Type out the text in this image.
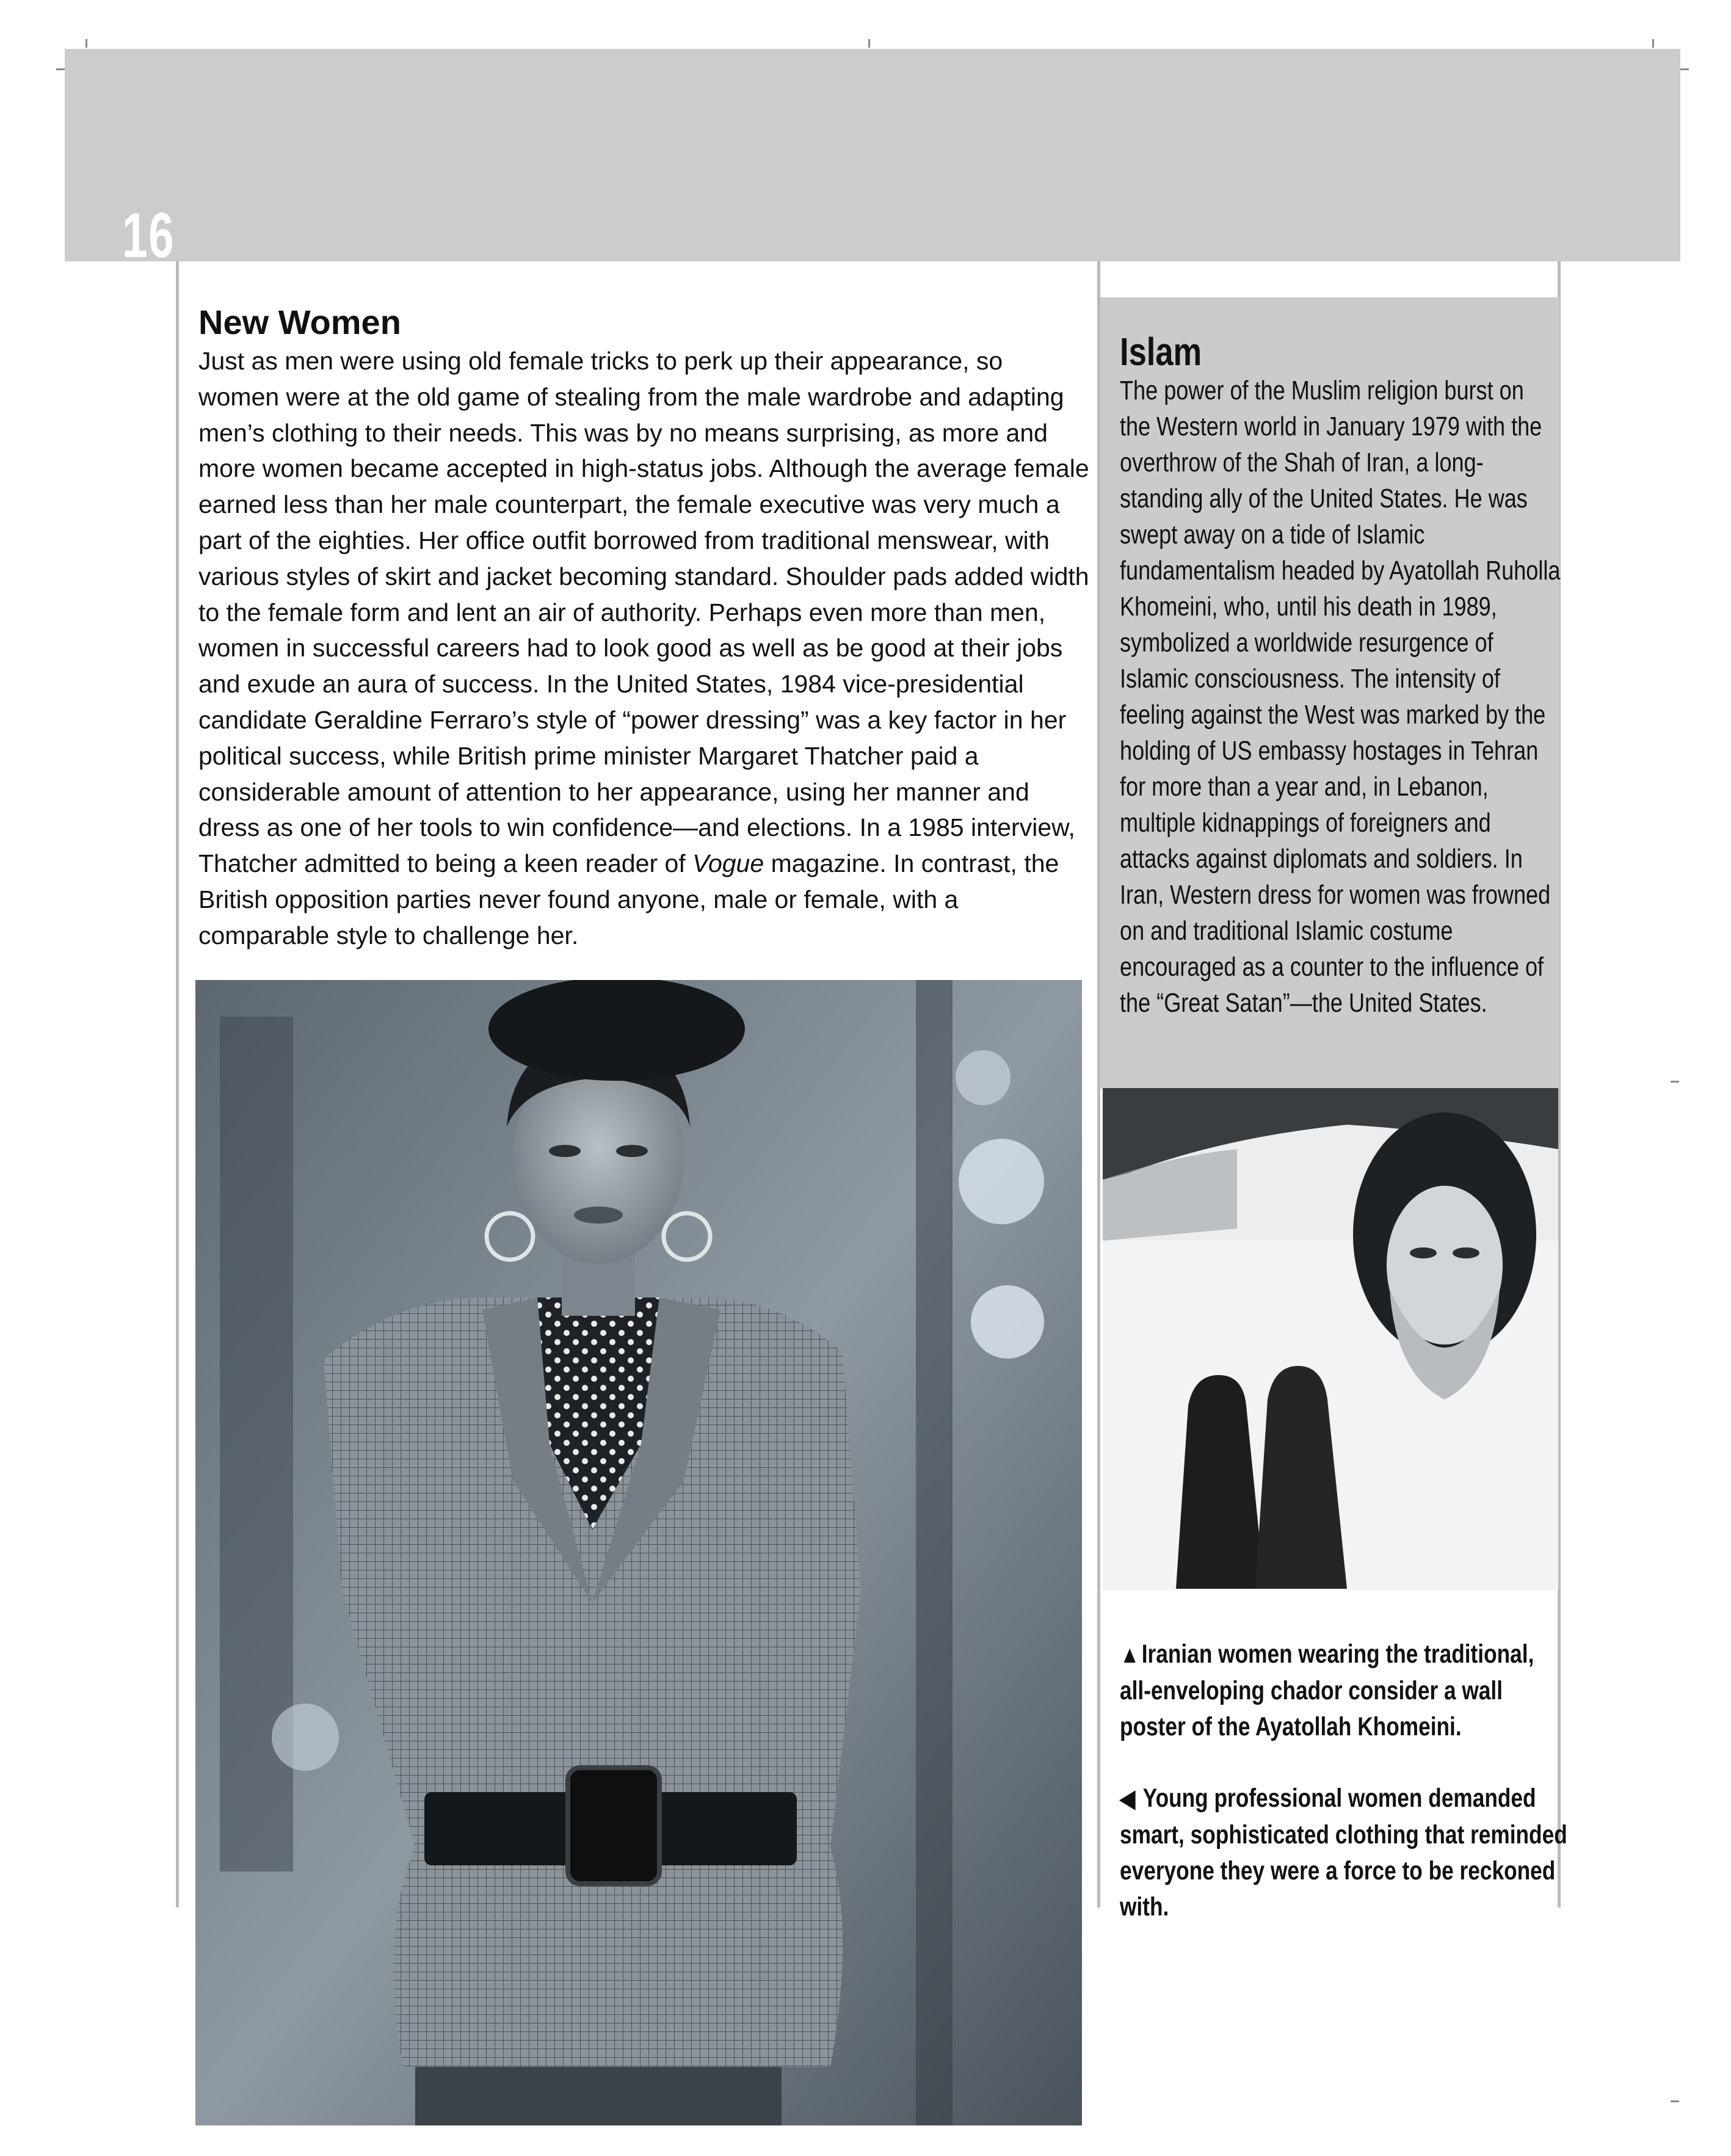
16
New Women

Just as men were using old female tricks to perk up their appearance, so women were at the old game of stealing from the male wardrobe and adapting men’s clothing to their needs. This was by no means surprising, as more and more women became accepted in high-status jobs. Although the average female earned less than her male counterpart, the female executive was very much a part of the eighties. Her office outfit borrowed from traditional menswear, with various styles of skirt and jacket becoming standard. Shoulder pads added width to the female form and lent an air of authority. Perhaps even more than men, women in successful careers had to look good as well as be good at their jobs and exude an aura of success. In the United States, 1984 vice-presidential candidate Geraldine Ferraro’s style of “power dressing” was a key factor in her political success, while British prime minister Margaret Thatcher paid a considerable amount of attention to her appearance, using her manner and dress as one of her tools to win confidence—and elections. In a 1985 interview, Thatcher admitted to being a keen reader of Vogue magazine. In contrast, the British opposition parties never found anyone, male or female, with a comparable style to challenge her.

Islam

The power of the Muslim religion burst on the Western world in January 1979 with the overthrow of the Shah of Iran, a long-standing ally of the United States. He was swept away on a tide of Islamic fundamentalism headed by Ayatollah Ruholla Khomeini, who, until his death in 1989, symbolized a worldwide resurgence of Islamic consciousness. The intensity of feeling against the West was marked by the holding of US embassy hostages in Tehran for more than a year and, in Lebanon, multiple kidnappings of foreigners and attacks against diplomats and soldiers. In Iran, Western dress for women was frowned on and traditional Islamic costume encouraged as a counter to the influence of the “Great Satan”—the United States.

▲Iranian women wearing the traditional, all-enveloping chador consider a wall poster of the Ayatollah Khomeini.

◀ Young professional women demanded smart, sophisticated clothing that reminded everyone they were a force to be reckoned with.
